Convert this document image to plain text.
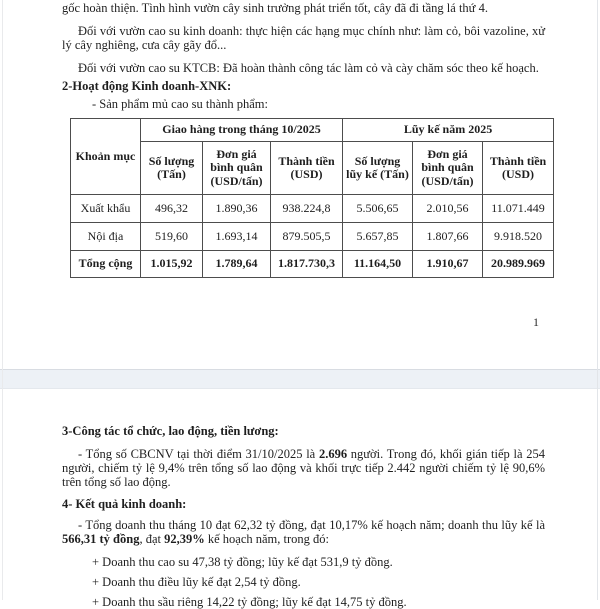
gốc hoàn thiện. Tình hình vườn cây sinh trưởng phát triển tốt, cây đã đi tầng lá thứ 4.

Đối với vườn cao su kinh doanh: thực hiện các hạng mục chính như: làm cỏ, bôi vazoline, xử lý cây nghiêng, cưa cây gãy đổ...

Đối với vườn cao su KTCB: Đã hoàn thành công tác làm cỏ và cày chăm sóc theo kế hoạch.

2-Hoạt động Kinh doanh-XNK:

- Sản phẩm mủ cao su thành phẩm:

Khoản mục	Giao hàng trong tháng 10/2025			Lũy kế năm 2025		
	Số lượng (Tấn)	Đơn giá bình quân (USD/tấn)	Thành tiền (USD)	Số lượng lũy kế (Tấn)	Đơn giá bình quân (USD/tấn)	Thành tiền (USD)
Xuất khẩu	496,32	1.890,36	938.224,8	5.506,65	2.010,56	11.071.449
Nội địa	519,60	1.693,14	879.505,5	5.657,85	1.807,66	9.918.520
Tổng cộng	1.015,92	1.789,64	1.817.730,3	11.164,50	1.910,67	20.989.969
1

3-Công tác tổ chức, lao động, tiền lương:

- Tổng số CBCNV tại thời điểm 31/10/2025 là 2.696 người. Trong đó, khối gián tiếp là 254 người, chiếm tỷ lệ 9,4% trên tổng số lao động và khối trực tiếp 2.442 người chiếm tỷ lệ 90,6% trên tổng số lao động.

4- Kết quả kinh doanh:

- Tổng doanh thu tháng 10 đạt 62,32 tỷ đồng, đạt 10,17% kế hoạch năm; doanh thu lũy kế là 566,31 tỷ đồng, đạt 92,39% kế hoạch năm, trong đó:

+ Doanh thu cao su 47,38 tỷ đồng; lũy kế đạt 531,9 tỷ đồng.

+ Doanh thu điều lũy kế đạt 2,54 tỷ đồng.

+ Doanh thu sầu riêng 14,22 tỷ đồng; lũy kế đạt 14,75 tỷ đồng.
